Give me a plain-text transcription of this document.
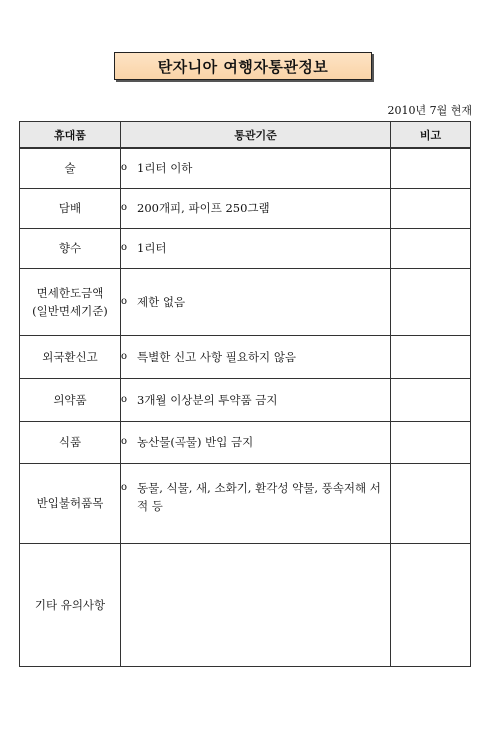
탄자니아 여행자통관정보
2010년 7월 현재
휴대품	통관기준	비고
술	o 1리터 이하	

담배	o 200개피, 파이프 250그램	

향수	o 1리터	

면세한도금액
(일반면세기준)	o 제한 없음	

외국환신고	o 특별한 신고 사항 필요하지 않음	

의약품	o 3개월 이상분의 투약품 금지	

식품	o 농산물(곡물) 반입 금지	

반입불허품목	o 동물, 식물, 새, 소화기, 환각성 약물, 풍속저해 서적 등	

기타 유의사항		
